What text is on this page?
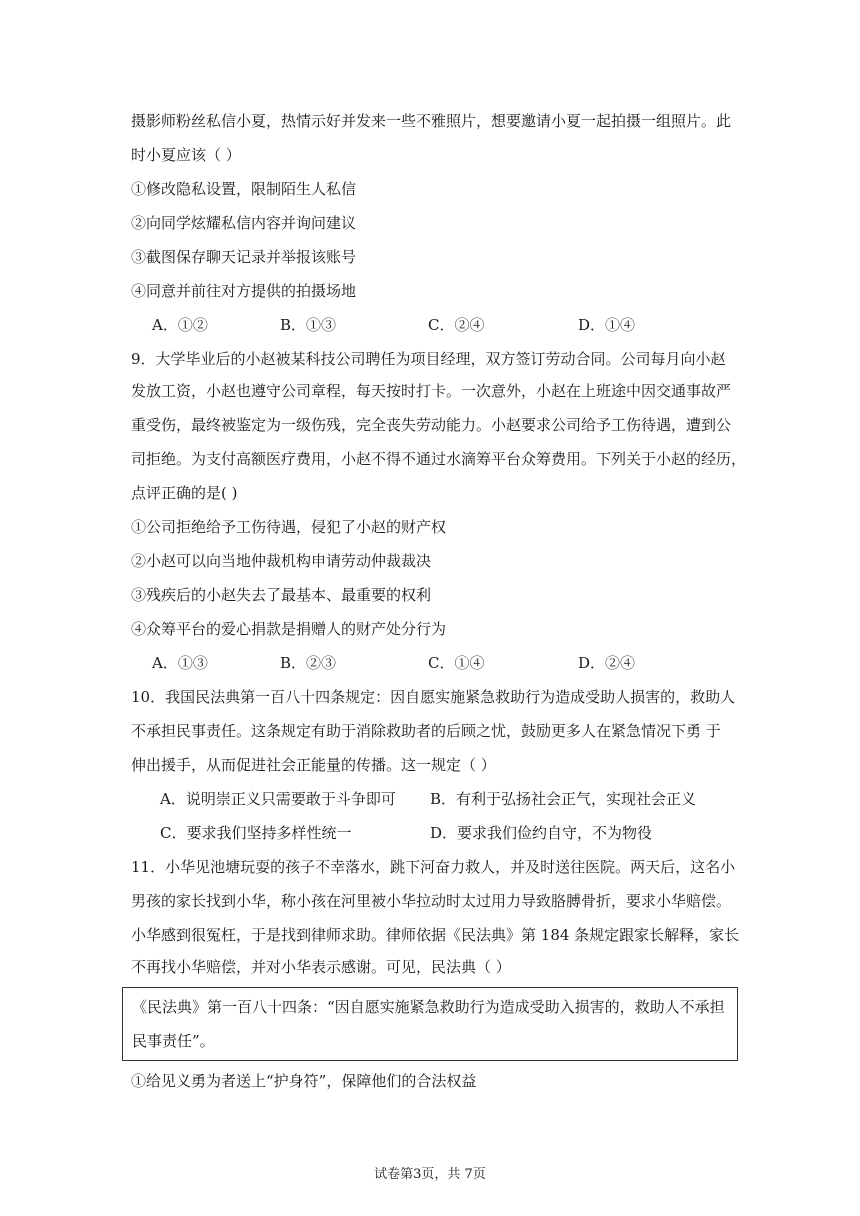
摄影师粉丝私信小夏，热情示好并发来一些不雅照片，想要邀请小夏一起拍摄一组照片。此
时小夏应该（ ）
①修改隐私设置，限制陌生人私信
②向同学炫耀私信内容并询问建议
③截图保存聊天记录并举报该账号
④同意并前往对方提供的拍摄场地
A．①②	B．①③	C．②④	D．①④
9．大学毕业后的小赵被某科技公司聘任为项目经理，双方签订劳动合同。公司每月向小赵
发放工资，小赵也遵守公司章程，每天按时打卡。一次意外，小赵在上班途中因交通事故严
重受伤，最终被鉴定为一级伤残，完全丧失劳动能力。小赵要求公司给予工伤待遇，遭到公
司拒绝。为支付高额医疗费用，小赵不得不通过水滴筹平台众筹费用。下列关于小赵的经历，
点评正确的是( )
①公司拒绝给予工伤待遇，侵犯了小赵的财产权
②小赵可以向当地仲裁机构申请劳动仲裁裁决
③残疾后的小赵失去了最基本、最重要的权利
④众筹平台的爱心捐款是捐赠人的财产处分行为
A．①③	B．②③	C．①④	D．②④
10．我国民法典第一百八十四条规定：因自愿实施紧急救助行为造成受助人损害的，救助人
不承担民事责任。这条规定有助于消除救助者的后顾之忧，鼓励更多人在紧急情况下勇 于
伸出援手，从而促进社会正能量的传播。这一规定（ ）
A．说明崇正义只需要敢于斗争即可 B．有利于弘扬社会正气，实现社会正义
C．要求我们坚持多样性统一	D．要求我们俭约自守，不为物役
11．小华见池塘玩耍的孩子不幸落水，跳下河奋力救人，并及时送往医院。两天后，这名小
男孩的家长找到小华，称小孩在河里被小华拉动时太过用力导致胳膊骨折，要求小华赔偿。
小华感到很冤枉，于是找到律师求助。律师依据《民法典》第 184 条规定跟家长解释，家长
不再找小华赔偿，并对小华表示感谢。可见，民法典（ ）
《民法典》第一百八十四条：“因自愿实施紧急救助行为造成受助入损害的，救助人不承担
民事责任”。
①给见义勇为者送上“护身符”，保障他们的合法权益
试卷第3页，共 7页
